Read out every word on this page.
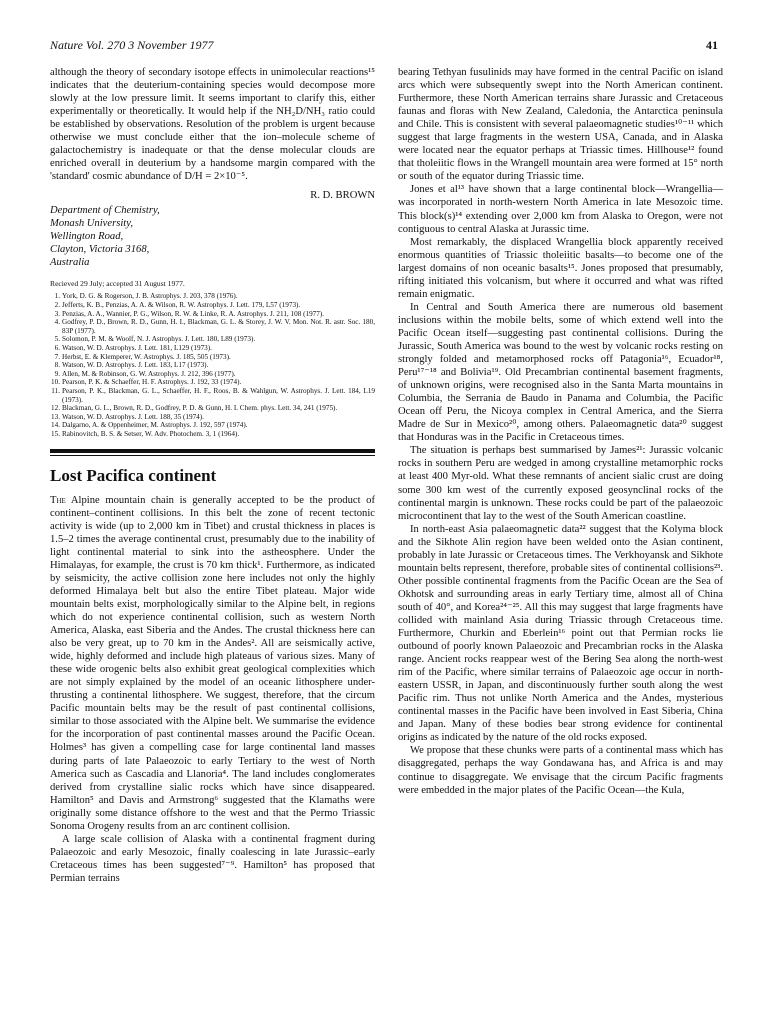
Nature Vol. 270 3 November 1977	41

although the theory of secondary isotope effects in unimolecular reactions¹⁵ indicates that the deuterium-containing species would decompose more slowly at the low pressure limit. It seems important to clarify this, either experimentally or theoretically. It would help if the NH₂D/NH₃ ratio could be established by observations. Resolution of the problem is urgent because otherwise we must conclude either that the ion–molecule scheme of galactochemistry is inadequate or that the dense molecular clouds are enriched overall in deuterium by a handsome margin compared with the 'standard' cosmic abundance of D/H = 2×10⁻⁵.

R. D. BROWN
Department of Chemistry,
Monash University,
Wellington Road,
Clayton, Victoria 3168,
Australia
Recieved 29 July; accepted 31 August 1977.
1. York, D. G. & Rogerson, J. B. Astrophys. J. 203, 378 (1976).
2. Jefferts, K. B., Penzias, A. A. & Wilson, R. W. Astrophys. J. Lett. 179, L57 (1973).
3. Penzias, A. A., Wannier, P. G., Wilson, R. W. & Linke, R. A. Astrophys. J. 211, 108 (1977).
4. Godfrey, P. D., Brown, R. D., Gunn, H. I., Blackman, G. L. & Storey, J. W. V. Mon. Not. R. astr. Soc. 180, 83P (1977).
5. Solomon, P. M. & Woolf, N. J. Astrophys. J. Lett. 180, L89 (1973).
6. Watson, W. D. Astrophys. J. Lett. 181, L129 (1973).
7. Herbst, E. & Klemperer, W. Astrophys. J. 185, 505 (1973).
8. Watson, W. D. Astrophys. J. Lett. 183, L17 (1973).
9. Allen, M. & Robinson, G. W. Astrophys. J. 212, 396 (1977).
10. Pearson, P. K. & Schaeffer, H. F. Astrophys. J. 192, 33 (1974).
11. Pearson, P. K., Blackman, G. L., Schaeffer, H. F., Roos, B. & Wahlgun, W. Astrophys. J. Lett. 184, L19 (1973).
12. Blackman, G. L., Brown, R. D., Godfrey, P. D. & Gunn, H. I. Chem. phys. Lett. 34, 241 (1975).
13. Watson, W. D. Astrophys. J. Lett. 188, 35 (1974).
14. Dalgarno, A. & Oppenheimer, M. Astrophys. J. 192, 597 (1974).
15. Rabinovitch, B. S. & Setser, W. Adv. Photochem. 3, 1 (1964).
Lost Pacifica continent

The Alpine mountain chain is generally accepted to be the product of continent–continent collisions. In this belt the zone of recent tectonic activity is wide (up to 2,000 km in Tibet) and crustal thickness in places is 1.5–2 times the average continental crust, presumably due to the inability of light continental material to sink into the astheosphere. Under the Himalayas, for example, the crust is 70 km thick¹. Furthermore, as indicated by seismicity, the active collision zone here includes not only the highly deformed Himalaya belt but also the entire Tibet plateau. Major wide mountain belts exist, morphologically similar to the Alpine belt, in regions which do not experience continental collision, such as western North America, Alaska, east Siberia and the Andes. The crustal thickness here can also be very great, up to 70 km in the Andes². All are seismically active, wide, highly deformed and include high plateaus of various sizes. Many of these wide orogenic belts also exhibit great geological complexities which are not simply explained by the model of an oceanic lithosphere under-thrusting a continental lithosphere. We suggest, therefore, that the circum Pacific mountain belts may be the result of past continental collisions, similar to those associated with the Alpine belt. We summarise the evidence for the incorporation of past continental masses around the Pacific Ocean. Holmes³ has given a compelling case for large continental land masses during parts of late Palaeozoic to early Tertiary to the west of North America such as Cascadia and Llanoria⁴. The land includes conglomerates derived from crystalline sialic rocks which have since disappeared. Hamilton⁵ and Davis and Armstrong⁶ suggested that the Klamaths were originally some distance offshore to the west and that the Permo Triassic Sonoma Orogeny results from an arc continent collision.

A large scale collision of Alaska with a continental fragment during Palaeozoic and early Mesozoic, finally coalescing in late Jurassic–early Cretaceous times has been suggested⁷⁻⁹. Hamilton⁵ has proposed that Permian terrains

bearing Tethyan fusulinids may have formed in the central Pacific on island arcs which were subsequently swept into the North American continent. Furthermore, these North American terrains share Jurassic and Cretaceous faunas and floras with New Zealand, Caledonia, the Antarctica peninsula and Chile. This is consistent with several palaeomagnetic studies¹⁰⁻¹¹ which suggest that large fragments in the western USA, Canada, and in Alaska were located near the equator perhaps at Triassic times. Hillhouse¹² found that tholeiitic flows in the Wrangell mountain area were formed at 15° north or south of the equator during Triassic time.

Jones et al¹³ have shown that a large continental block—Wrangellia—was incorporated in north-western North America in late Mesozoic time. This block(s)¹⁴ extending over 2,000 km from Alaska to Oregon, were not contiguous to central Alaska at Jurassic time.

Most remarkably, the displaced Wrangellia block apparently received enormous quantities of Triassic tholeiitic basalts—to become one of the largest domains of non oceanic basalts¹⁵. Jones proposed that presumably, rifting initiated this volcanism, but where it occurred and what was rifted remain enigmatic.

In Central and South America there are numerous old basement inclusions within the mobile belts, some of which extend well into the Pacific Ocean itself—suggesting past continental collisions. During the Jurassic, South America was bound to the west by volcanic rocks resting on strongly folded and metamorphosed rocks off Patagonia¹⁶, Ecuador¹⁸, Peru¹⁷⁻¹⁸ and Bolivia¹⁹. Old Precambrian continental basement fragments, of unknown origins, were recognised also in the Santa Marta mountains in Columbia, the Serrania de Baudo in Panama and Columbia, the Pacific Ocean off Peru, the Nicoya complex in Central America, and the Sierra Madre de Sur in Mexico²⁰, among others. Palaeomagnetic data²⁰ suggest that Honduras was in the Pacific in Cretaceous times.

The situation is perhaps best summarised by James²¹: Jurassic volcanic rocks in southern Peru are wedged in among crystalline metamorphic rocks at least 400 Myr-old. What these remnants of ancient sialic crust are doing some 300 km west of the currently exposed geosynclinal rocks of the continental margin is unknown. These rocks could be part of the palaeozoic microcontinent that lay to the west of the South American coastline.

In north-east Asia palaeomagnetic data²² suggest that the Kolyma block and the Sikhote Alin region have been welded onto the Asian continent, probably in late Jurassic or Cretaceous times. The Verkhoyansk and Sikhote mountain belts represent, therefore, probable sites of continental collisions²³. Other possible continental fragments from the Pacific Ocean are the Sea of Okhotsk and surrounding areas in early Tertiary time, almost all of China south of 40°, and Korea²⁴⁻²⁵. All this may suggest that large fragments have collided with mainland Asia during Triassic through Cretaceous time. Furthermore, Churkin and Eberlein¹⁶ point out that Permian rocks lie outbound of poorly known Palaeozoic and Precambrian rocks in the Alaska range. Ancient rocks reappear west of the Bering Sea along the north-west rim of the Pacific, where similar terrains of Palaeozoic age occur in north-eastern USSR, in Japan, and discontinuously further south along the west Pacific rim. Thus not unlike North America and the Andes, mysterious continental masses in the Pacific have been involved in East Siberia, China and Japan. Many of these bodies bear strong evidence for continental origins as indicated by the nature of the old rocks exposed.

We propose that these chunks were parts of a continental mass which has disaggregated, perhaps the way Gondawana has, and Africa is and may continue to disaggregate. We envisage that the circum Pacific fragments were embedded in the major plates of the Pacific Ocean—the Kula,
